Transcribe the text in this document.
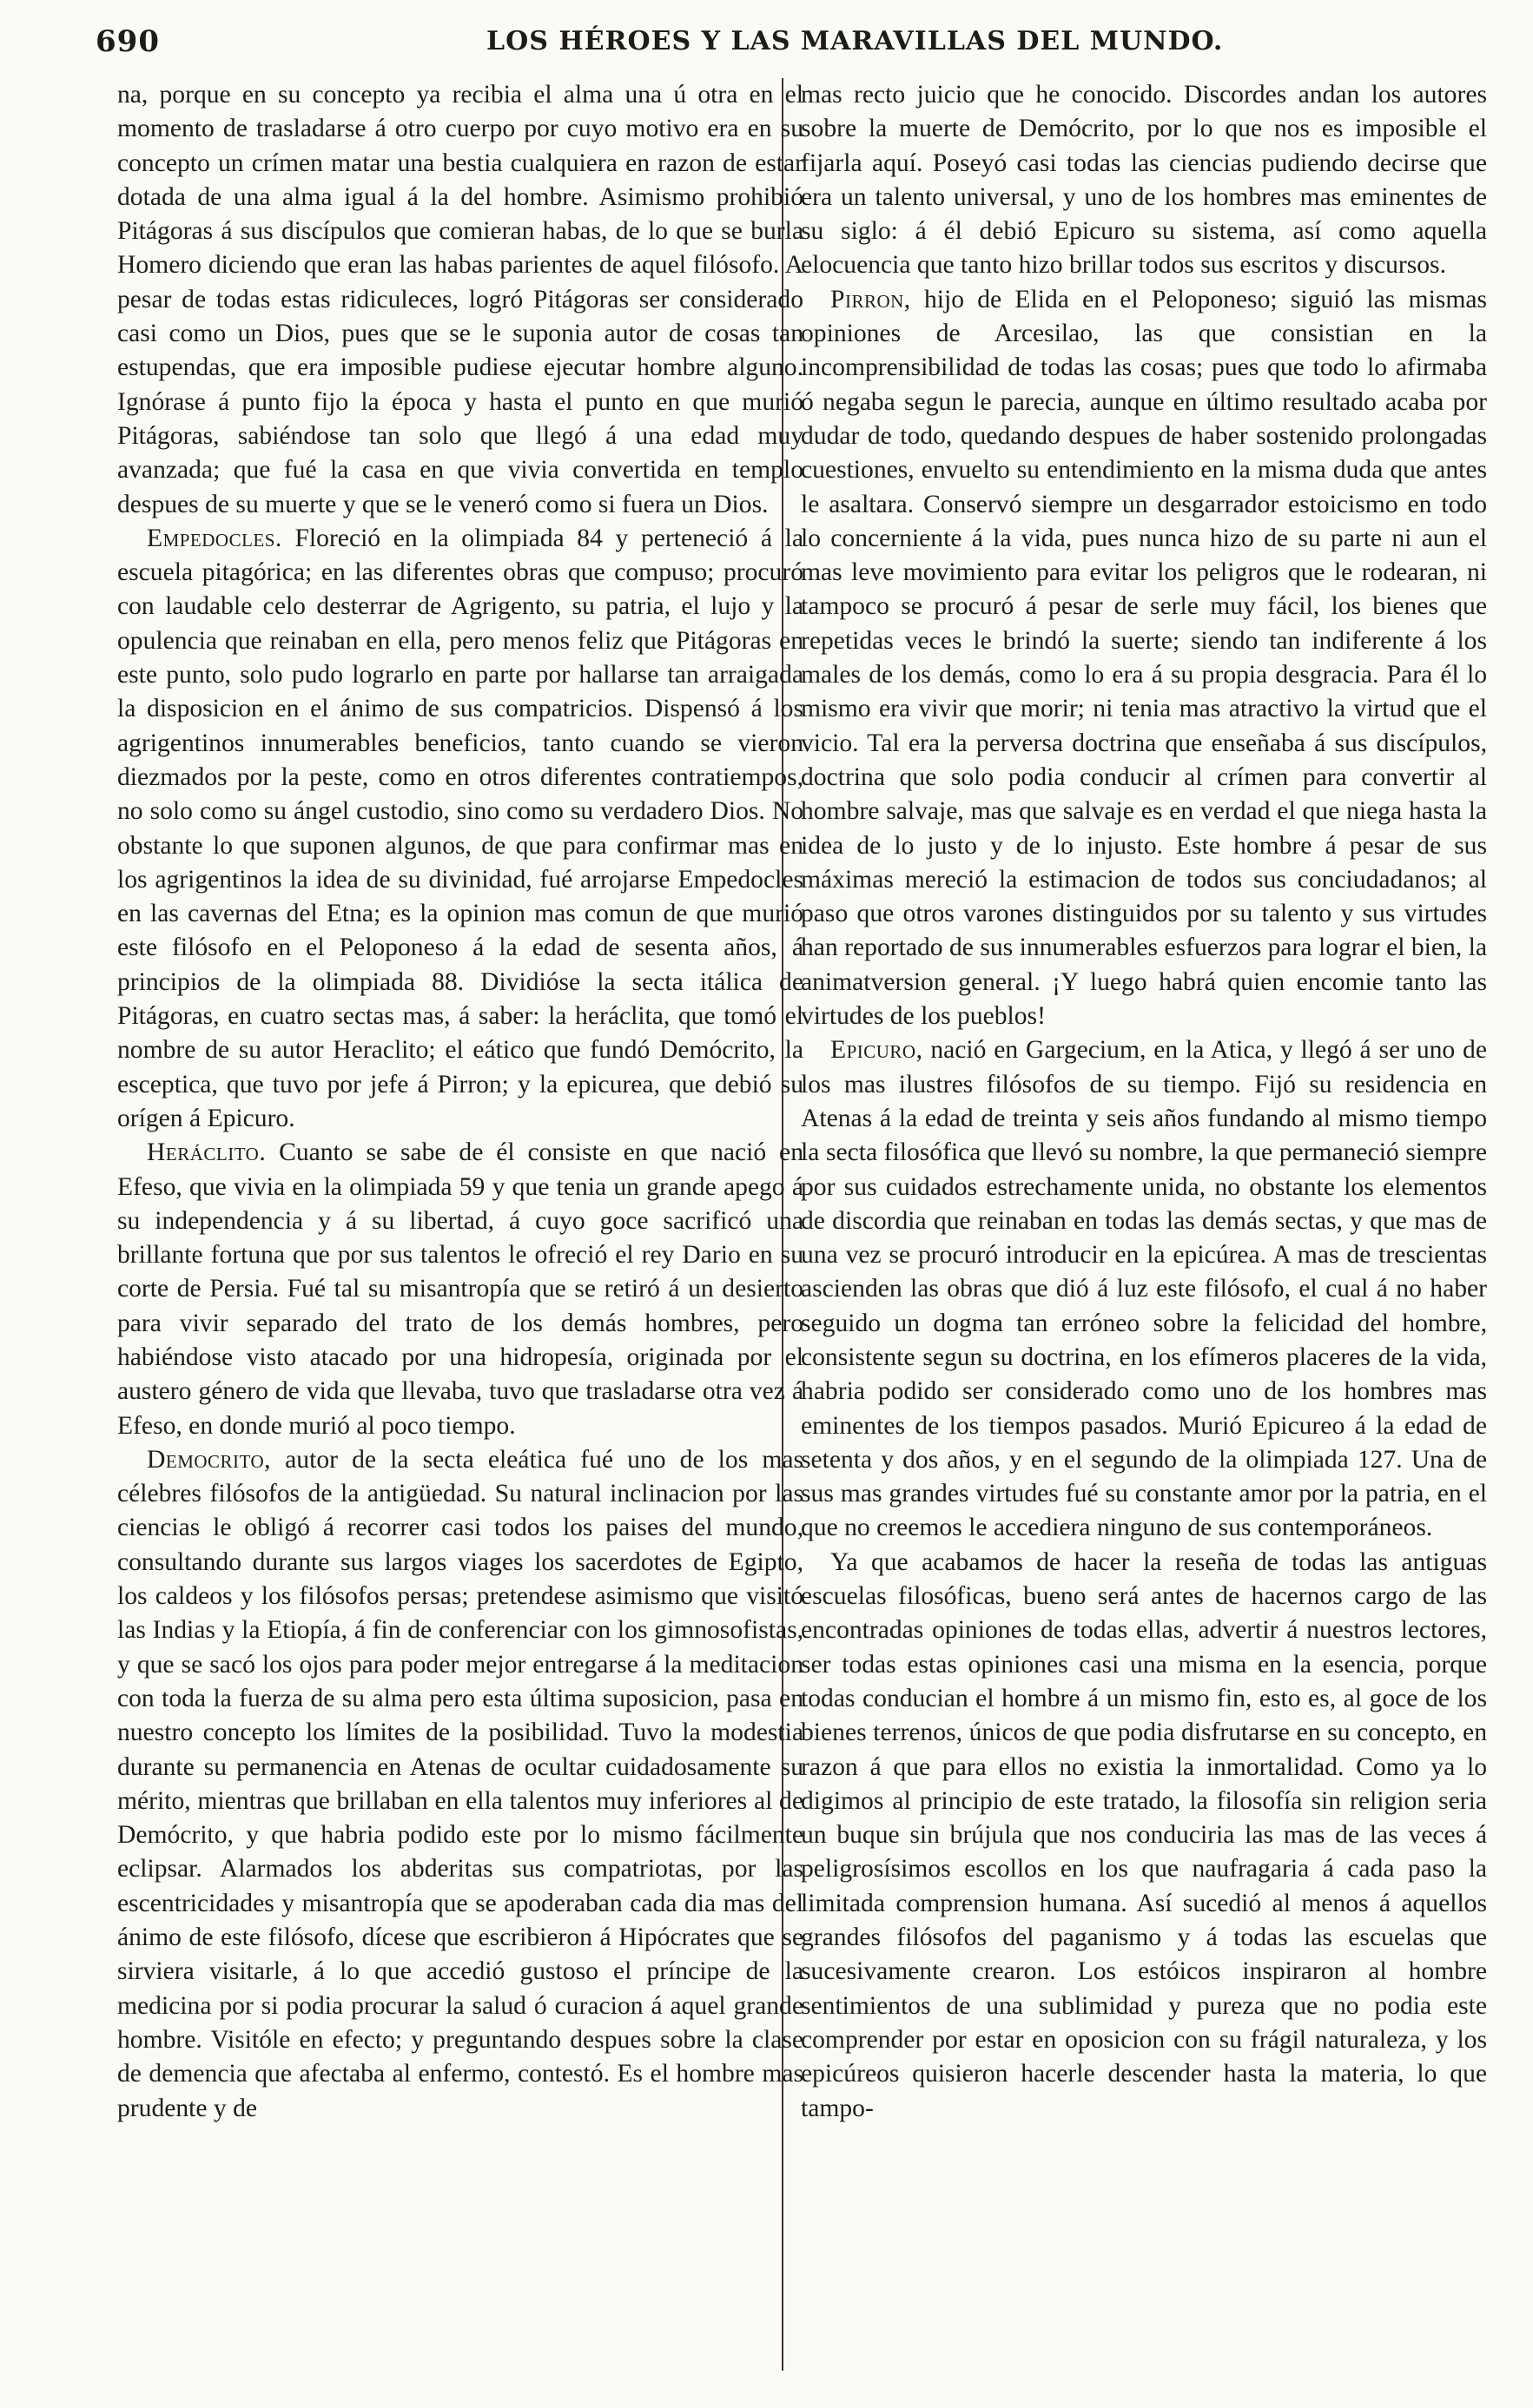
690	LOS HÉROES Y LAS MARAVILLAS DEL MUNDO.

na, porque en su concepto ya recibia el alma una ú otra en el momento de trasladarse á otro cuerpo por cuyo motivo era en su concepto un crímen matar una bestia cualquiera en razon de estar dotada de una alma igual á la del hombre. Asimismo prohibió Pitágoras á sus discípulos que comieran habas, de lo que se burla Homero diciendo que eran las habas parientes de aquel filósofo. A pesar de todas estas ridiculeces, logró Pitágoras ser considerado casi como un Dios, pues que se le suponia autor de cosas tan estupendas, que era imposible pudiese ejecutar hombre alguno. Ignórase á punto fijo la época y hasta el punto en que murió Pitágoras, sabiéndose tan solo que llegó á una edad muy avanzada; que fué la casa en que vivia convertida en templo despues de su muerte y que se le veneró como si fuera un Dios.

Empedocles. Floreció en la olimpiada 84 y perteneció á la escuela pitagórica; en las diferentes obras que compuso; procuró con laudable celo desterrar de Agrigento, su patria, el lujo y la opulencia que reinaban en ella, pero menos feliz que Pitágoras en este punto, solo pudo lograrlo en parte por hallarse tan arraigada la disposicion en el ánimo de sus compatricios. Dispensó á los agrigentinos innumerables beneficios, tanto cuando se vieron diezmados por la peste, como en otros diferentes contratiempos, no solo como su ángel custodio, sino como su verdadero Dios. No obstante lo que suponen algunos, de que para confirmar mas en los agrigentinos la idea de su divinidad, fué arrojarse Empedocles en las cavernas del Etna; es la opinion mas comun de que murió este filósofo en el Peloponeso á la edad de sesenta años, á principios de la olimpiada 88. Dividióse la secta itálica de Pitágoras, en cuatro sectas mas, á saber: la heráclita, que tomó el nombre de su autor Heraclito; el eático que fundó Demócrito, la esceptica, que tuvo por jefe á Pirron; y la epicurea, que debió su orígen á Epicuro.

Heráclito. Cuanto se sabe de él consiste en que nació en Efeso, que vivia en la olimpiada 59 y que tenia un grande apego á su independencia y á su libertad, á cuyo goce sacrificó una brillante fortuna que por sus talentos le ofreció el rey Dario en su corte de Persia. Fué tal su misantropía que se retiró á un desierto para vivir separado del trato de los demás hombres, pero habiéndose visto atacado por una hidropesía, originada por el austero género de vida que llevaba, tuvo que trasladarse otra vez á Efeso, en donde murió al poco tiempo.

Democrito, autor de la secta eleática fué uno de los mas célebres filósofos de la antigüedad. Su natural inclinacion por las ciencias le obligó á recorrer casi todos los paises del mundo, consultando durante sus largos viages los sacerdotes de Egipto, los caldeos y los filósofos persas; pretendese asimismo que visitó las Indias y la Etiopía, á fin de conferenciar con los gimnosofistas, y que se sacó los ojos para poder mejor entregarse á la meditacion con toda la fuerza de su alma pero esta última suposicion, pasa en nuestro concepto los límites de la posibilidad. Tuvo la modestia durante su permanencia en Atenas de ocultar cuidadosamente su mérito, mientras que brillaban en ella talentos muy inferiores al de Demócrito, y que habria podido este por lo mismo fácilmente eclipsar. Alarmados los abderitas sus compatriotas, por las escentricidades y misantropía que se apoderaban cada dia mas del ánimo de este filósofo, dícese que escribieron á Hipócrates que se sirviera visitarle, á lo que accedió gustoso el príncipe de la medicina por si podia procurar la salud ó curacion á aquel grande hombre. Visitóle en efecto; y preguntando despues sobre la clase de demencia que afectaba al enfermo, contestó. Es el hombre mas prudente y de

mas recto juicio que he conocido. Discordes andan los autores sobre la muerte de Demócrito, por lo que nos es imposible el fijarla aquí. Poseyó casi todas las ciencias pudiendo decirse que era un talento universal, y uno de los hombres mas eminentes de su siglo: á él debió Epicuro su sistema, así como aquella elocuencia que tanto hizo brillar todos sus escritos y discursos.

Pirron, hijo de Elida en el Peloponeso; siguió las mismas opiniones de Arcesilao, las que consistian en la incomprensibilidad de todas las cosas; pues que todo lo afirmaba ó negaba segun le parecia, aunque en último resultado acaba por dudar de todo, quedando despues de haber sostenido prolongadas cuestiones, envuelto su entendimiento en la misma duda que antes le asaltara. Conservó siempre un desgarrador estoicismo en todo lo concerniente á la vida, pues nunca hizo de su parte ni aun el mas leve movimiento para evitar los peligros que le rodearan, ni tampoco se procuró á pesar de serle muy fácil, los bienes que repetidas veces le brindó la suerte; siendo tan indiferente á los males de los demás, como lo era á su propia desgracia. Para él lo mismo era vivir que morir; ni tenia mas atractivo la virtud que el vicio. Tal era la perversa doctrina que enseñaba á sus discípulos, doctrina que solo podia conducir al crímen para convertir al hombre salvaje, mas que salvaje es en verdad el que niega hasta la idea de lo justo y de lo injusto. Este hombre á pesar de sus máximas mereció la estimacion de todos sus conciudadanos; al paso que otros varones distinguidos por su talento y sus virtudes han reportado de sus innumerables esfuerzos para lograr el bien, la animatversion general. ¡Y luego habrá quien encomie tanto las virtudes de los pueblos!

Epicuro, nació en Gargecium, en la Atica, y llegó á ser uno de los mas ilustres filósofos de su tiempo. Fijó su residencia en Atenas á la edad de treinta y seis años fundando al mismo tiempo la secta filosófica que llevó su nombre, la que permaneció siempre por sus cuidados estrechamente unida, no obstante los elementos de discordia que reinaban en todas las demás sectas, y que mas de una vez se procuró introducir en la epicúrea. A mas de trescientas ascienden las obras que dió á luz este filósofo, el cual á no haber seguido un dogma tan erróneo sobre la felicidad del hombre, consistente segun su doctrina, en los efímeros placeres de la vida, habria podido ser considerado como uno de los hombres mas eminentes de los tiempos pasados. Murió Epicureo á la edad de setenta y dos años, y en el segundo de la olimpiada 127. Una de sus mas grandes virtudes fué su constante amor por la patria, en el que no creemos le accediera ninguno de sus contemporáneos.

Ya que acabamos de hacer la reseña de todas las antiguas escuelas filosóficas, bueno será antes de hacernos cargo de las encontradas opiniones de todas ellas, advertir á nuestros lectores, ser todas estas opiniones casi una misma en la esencia, porque todas conducian el hombre á un mismo fin, esto es, al goce de los bienes terrenos, únicos de que podia disfrutarse en su concepto, en razon á que para ellos no existia la inmortalidad. Como ya lo digimos al principio de este tratado, la filosofía sin religion seria un buque sin brújula que nos conduciria las mas de las veces á peligrosísimos escollos en los que naufragaria á cada paso la limitada comprension humana. Así sucedió al menos á aquellos grandes filósofos del paganismo y á todas las escuelas que sucesivamente crearon. Los estóicos inspiraron al hombre sentimientos de una sublimidad y pureza que no podia este comprender por estar en oposicion con su frágil naturaleza, y los epicúreos quisieron hacerle descender hasta la materia, lo que tampo-
